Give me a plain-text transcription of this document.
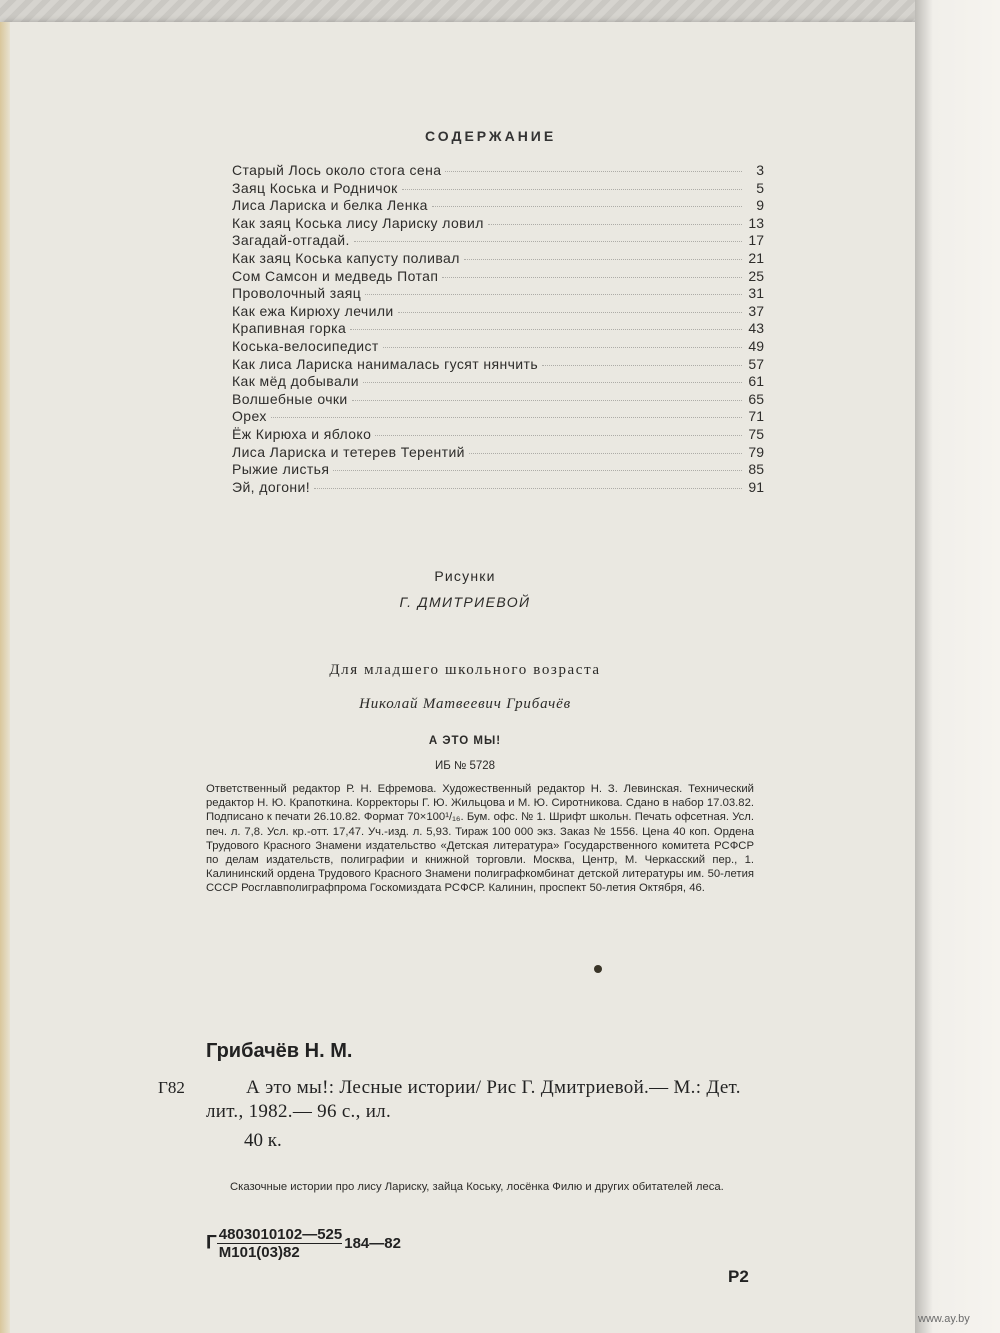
СОДЕРЖАНИЕ
Старый Лось около стога сена	3
Заяц Коська и Родничок	5
Лиса Лариска и белка Ленка	9
Как заяц Коська лису Лариску ловил	13
Загадай-отгадай.	17
Как заяц Коська капусту поливал	21
Сом Самсон и медведь Потап	25
Проволочный заяц	31
Как ежа Кирюху лечили	37
Крапивная горка	43
Коська-велосипедист	49
Как лиса Лариска нанималась гусят нянчить	57
Как мёд добывали	61
Волшебные очки	65
Орех	71
Ёж Кирюха и яблоко	75
Лиса Лариска и тетерев Терентий	79
Рыжие листья	85
Эй, догони!	91
Рисунки
Г. ДМИТРИЕВОЙ
Для младшего школьного возраста
Николай Матвеевич Грибачёв
А ЭТО МЫ!
ИБ № 5728
Ответственный редактор Р. Н. Ефремова. Художественный редактор Н. З. Левинская. Технический редактор Н. Ю. Крапоткина. Корректоры Г. Ю. Жильцова и М. Ю. Сиротникова. Сдано в набор 17.03.82. Подписано к печати 26.10.82. Формат 70×100¹/₁₆. Бум. офс. № 1. Шрифт школьн. Печать офсетная. Усл. печ. л. 7,8. Усл. кр.-отт. 17,47. Уч.-изд. л. 5,93. Тираж 100 000 экз. Заказ № 1556. Цена 40 коп. Ордена Трудового Красного Знамени издательство «Детская литература» Государственного комитета РСФСР по делам издательств, полиграфии и книжной торговли. Москва, Центр, М. Черкасский пер., 1. Калининский ордена Трудового Красного Знамени полиграфкомбинат детской литературы им. 50-летия СССР Росглавполиграфпрома Госкомиздата РСФСР. Калинин, проспект 50-летия Октября, 46.
Грибачёв Н. М.
Г82	А это мы!: Лесные истории/ Рис Г. Дмитриевой.— М.: Дет. лит., 1982.— 96 с., ил.
40 к.
Сказочные истории про лису Лариску, зайца Коську, лосёнка Филю и других обитателей леса.
Г $\frac{4803010102—525}{М101(03)82}$ 184—82
Р2
www.ay.by
